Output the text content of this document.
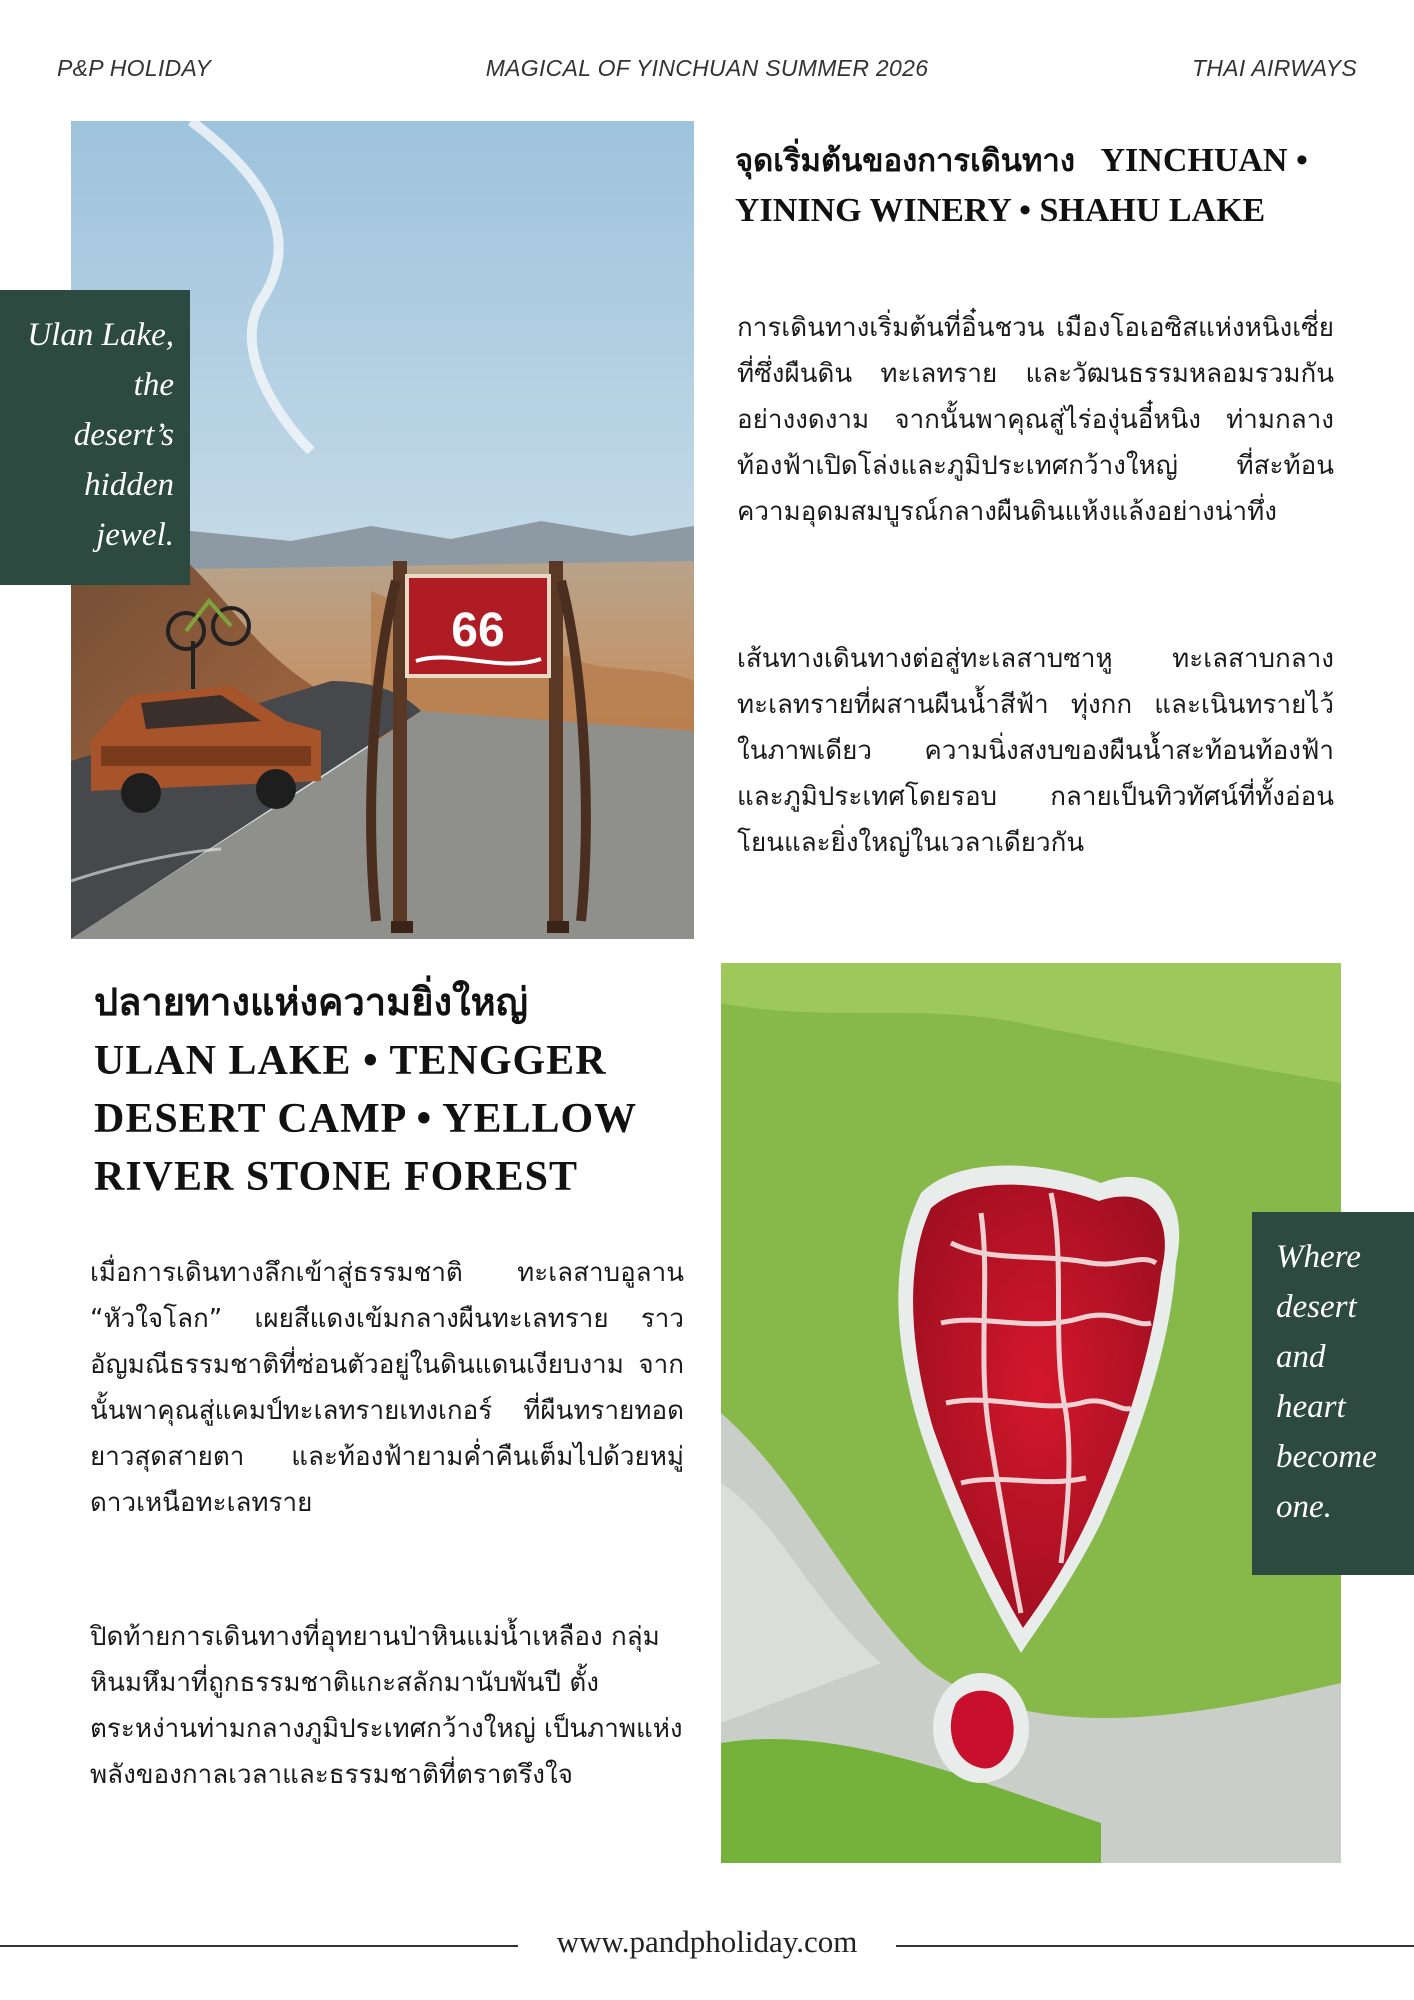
P&P HOLIDAY	MAGICAL OF YINCHUAN SUMMER 2026	THAI AIRWAYS
66
Ulan Lake,
the
desert’s
hidden
jewel.
จุดเริ่มต้นของการเดินทาง YINCHUAN • YINING WINERY • SHAHU LAKE

การเดินทางเริ่มต้นที่อิ๋นชวน เมืองโอเอซิสแห่งหนิงเซี่ย ที่ซึ่งผืนดิน ทะเลทราย และวัฒนธรรมหลอมรวมกันอย่างงดงาม จากนั้นพาคุณสู่ไร่องุ่นอี๋หนิง ท่ามกลางท้องฟ้าเปิดโล่งและภูมิประเทศกว้างใหญ่ ที่สะท้อนความอุดมสมบูรณ์กลางผืนดินแห้งแล้งอย่างน่าทึ่ง

เส้นทางเดินทางต่อสู่ทะเลสาบซาหู ทะเลสาบกลางทะเลทรายที่ผสานผืนน้ำสีฟ้า ทุ่งกก และเนินทรายไว้ในภาพเดียว ความนิ่งสงบของผืนน้ำสะท้อนท้องฟ้าและภูมิประเทศโดยรอบ กลายเป็นทิวทัศน์ที่ทั้งอ่อนโยนและยิ่งใหญ่ในเวลาเดียวกัน

ปลายทางแห่งความยิ่งใหญ่
ULAN LAKE • TENGGER
DESERT CAMP • YELLOW
RIVER STONE FOREST

เมื่อการเดินทางลึกเข้าสู่ธรรมชาติ ทะเลสาบอูลาน “หัวใจโลก” เผยสีแดงเข้มกลางผืนทะเลทราย ราวอัญมณีธรรมชาติที่ซ่อนตัวอยู่ในดินแดนเงียบงาม จากนั้นพาคุณสู่แคมป์ทะเลทรายเทงเกอร์ ที่ผืนทรายทอดยาวสุดสายตา และท้องฟ้ายามค่ำคืนเต็มไปด้วยหมู่ดาวเหนือทะเลทราย

ปิดท้ายการเดินทางที่อุทยานป่าหินแม่น้ำเหลือง กลุ่มหินมหึมาที่ถูกธรรมชาติแกะสลักมานับพันปี ตั้งตระหง่านท่ามกลางภูมิประเทศกว้างใหญ่ เป็นภาพแห่งพลังของกาลเวลาและธรรมชาติที่ตราตรึงใจ

Where
desert
and
heart
become
one.
www.pandpholiday.com
